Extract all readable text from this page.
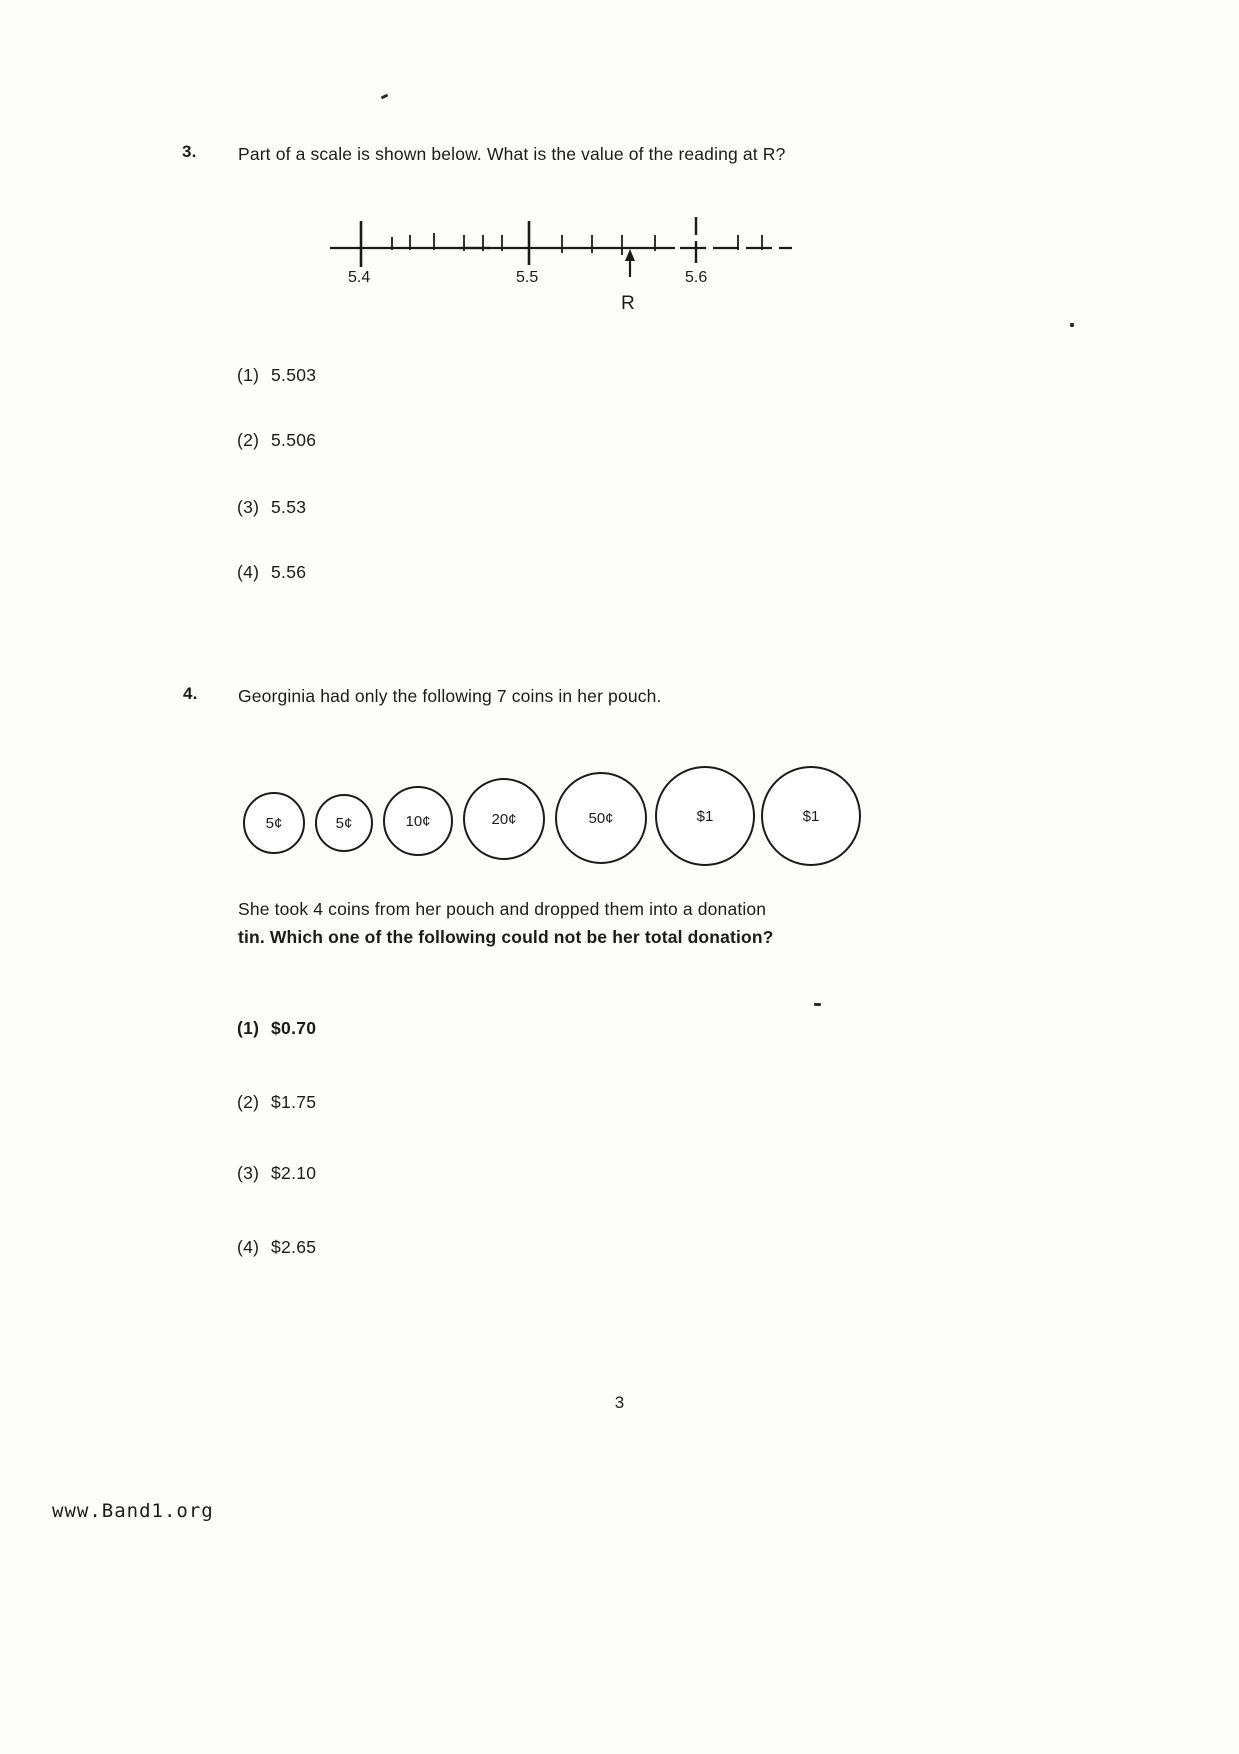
3. Part of a scale is shown below. What is the value of the reading at R?
5.4	5.5	5.6
R
(1) 5.503
(2) 5.506
(3) 5.53
(4) 5.56
4. Georginia had only the following 7 coins in her pouch.
5¢	5¢	10¢	20¢	50¢	$1	$1
She took 4 coins from her pouch and dropped them into a donation
tin. Which one of the following could not be her total donation?
(1) $0.70
(2) $1.75
(3) $2.10
(4) $2.65
3
www.Band1.org
